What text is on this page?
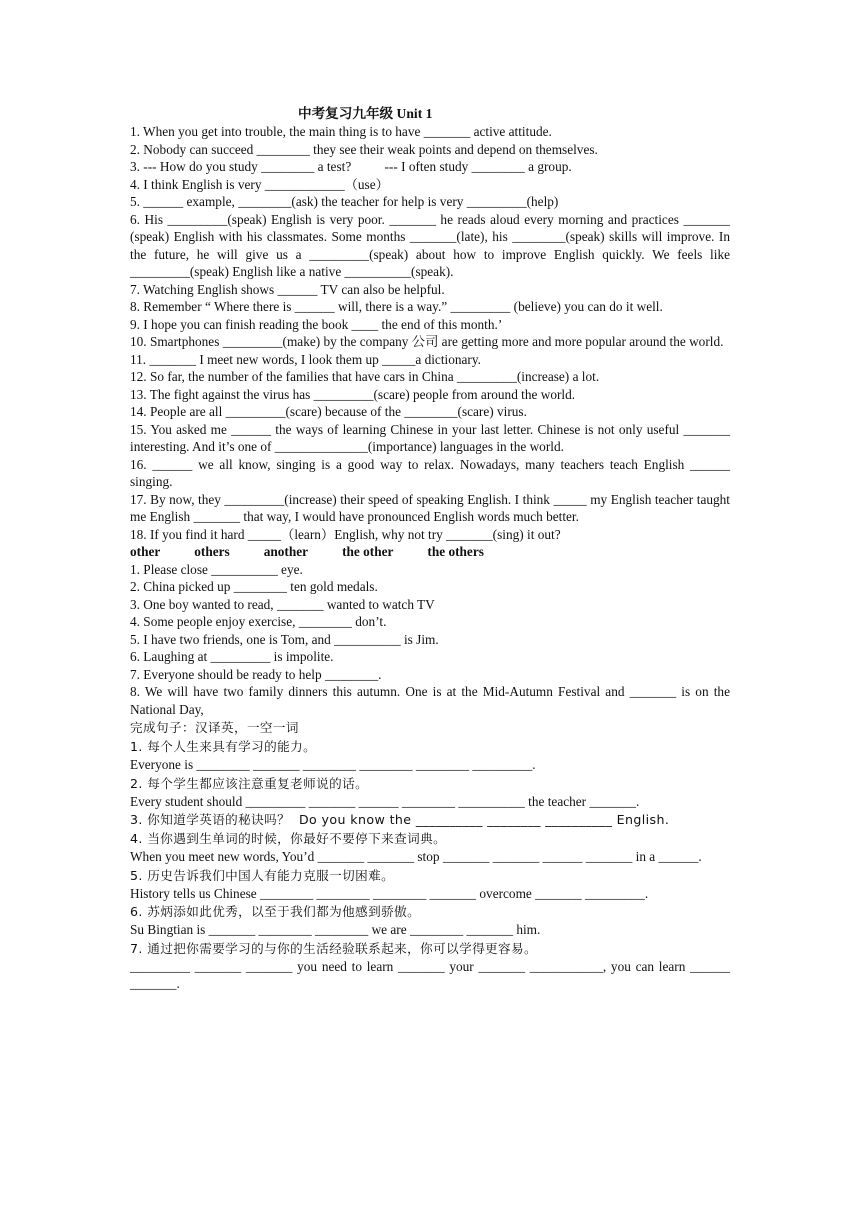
中考复习九年级 Unit 1
1. When you get into trouble, the main thing is to have _______ active attitude.
2. Nobody can succeed ________ they see their weak points and depend on themselves.
3. --- How do you study ________ a test?          --- I often study ________ a group.
4. I think English is very ____________（use）
5. ______ example, ________(ask) the teacher for help is very _________(help)
6. His _________(speak) English is very poor. _______ he reads aloud every morning and practices _______ (speak) English with his classmates. Some months _______(late), his ________(speak) skills will improve. In the future, he will give us a _________(speak) about how to improve English quickly. We feels like _________(speak) English like a native __________(speak).
7. Watching English shows ______ TV can also be helpful.
8. Remember “ Where there is ______ will, there is a way.” _________ (believe) you can do it well.
9. I hope you can finish reading the book ____ the end of this month.’
10. Smartphones _________(make) by the company 公司 are getting more and more popular around the world.
11. _______ I meet new words, I look them up _____a dictionary.
12. So far, the number of the families that have cars in China _________(increase) a lot.
13. The fight against the virus has _________(scare) people from around the world.
14. People are all _________(scare) because of the ________(scare) virus.
15. You asked me ______ the ways of learning Chinese in your last letter. Chinese is not only useful _______ interesting. And it’s one of ______________(importance) languages in the world.
16. ______ we all know, singing is a good way to relax. Nowadays, many teachers teach English ______ singing.
17. By now, they _________(increase) their speed of speaking English. I think _____ my English teacher taught me English _______ that way, I would have pronounced English words much better.
18. If you find it hard _____（learn）English, why not try _______(sing) it out?
other	others	another	the other	the others
1. Please close __________ eye.
2. China picked up ________ ten gold medals.
3. One boy wanted to read, _______ wanted to watch TV
4. Some people enjoy exercise, ________ don’t.
5. I have two friends, one is Tom, and __________ is Jim.
6. Laughing at _________ is impolite.
7. Everyone should be ready to help ________.
8. We will have two family dinners this autumn. One is at the Mid-Autumn Festival and _______ is on the National Day,
完成句子：汉译英，一空一词
1. 每个人生来具有学习的能力。
Everyone is ________ _______ ________ ________ ________ _________.
2. 每个学生都应该注意重复老师说的话。
Every student should _________ _______ ______ ________ __________ the teacher _______.
3. 你知道学英语的秘诀吗？  Do you know the __________ ________ __________ English.
4. 当你遇到生单词的时候，你最好不要停下来查词典。
When you meet new words, You’d _______ _______ stop _______ _______ ______ _______ in a ______.
5. 历史告诉我们中国人有能力克服一切困难。
History tells us Chinese ________ ________ ________ _______ overcome _______ _________.
6. 苏炳添如此优秀，以至于我们都为他感到骄傲。
Su Bingtian is _______ ________ ________ we are ________ _______ him.
7. 通过把你需要学习的与你的生活经验联系起来，你可以学得更容易。
_________ _______ _______ you need to learn _______ your _______ ___________, you can learn ______ _______.
